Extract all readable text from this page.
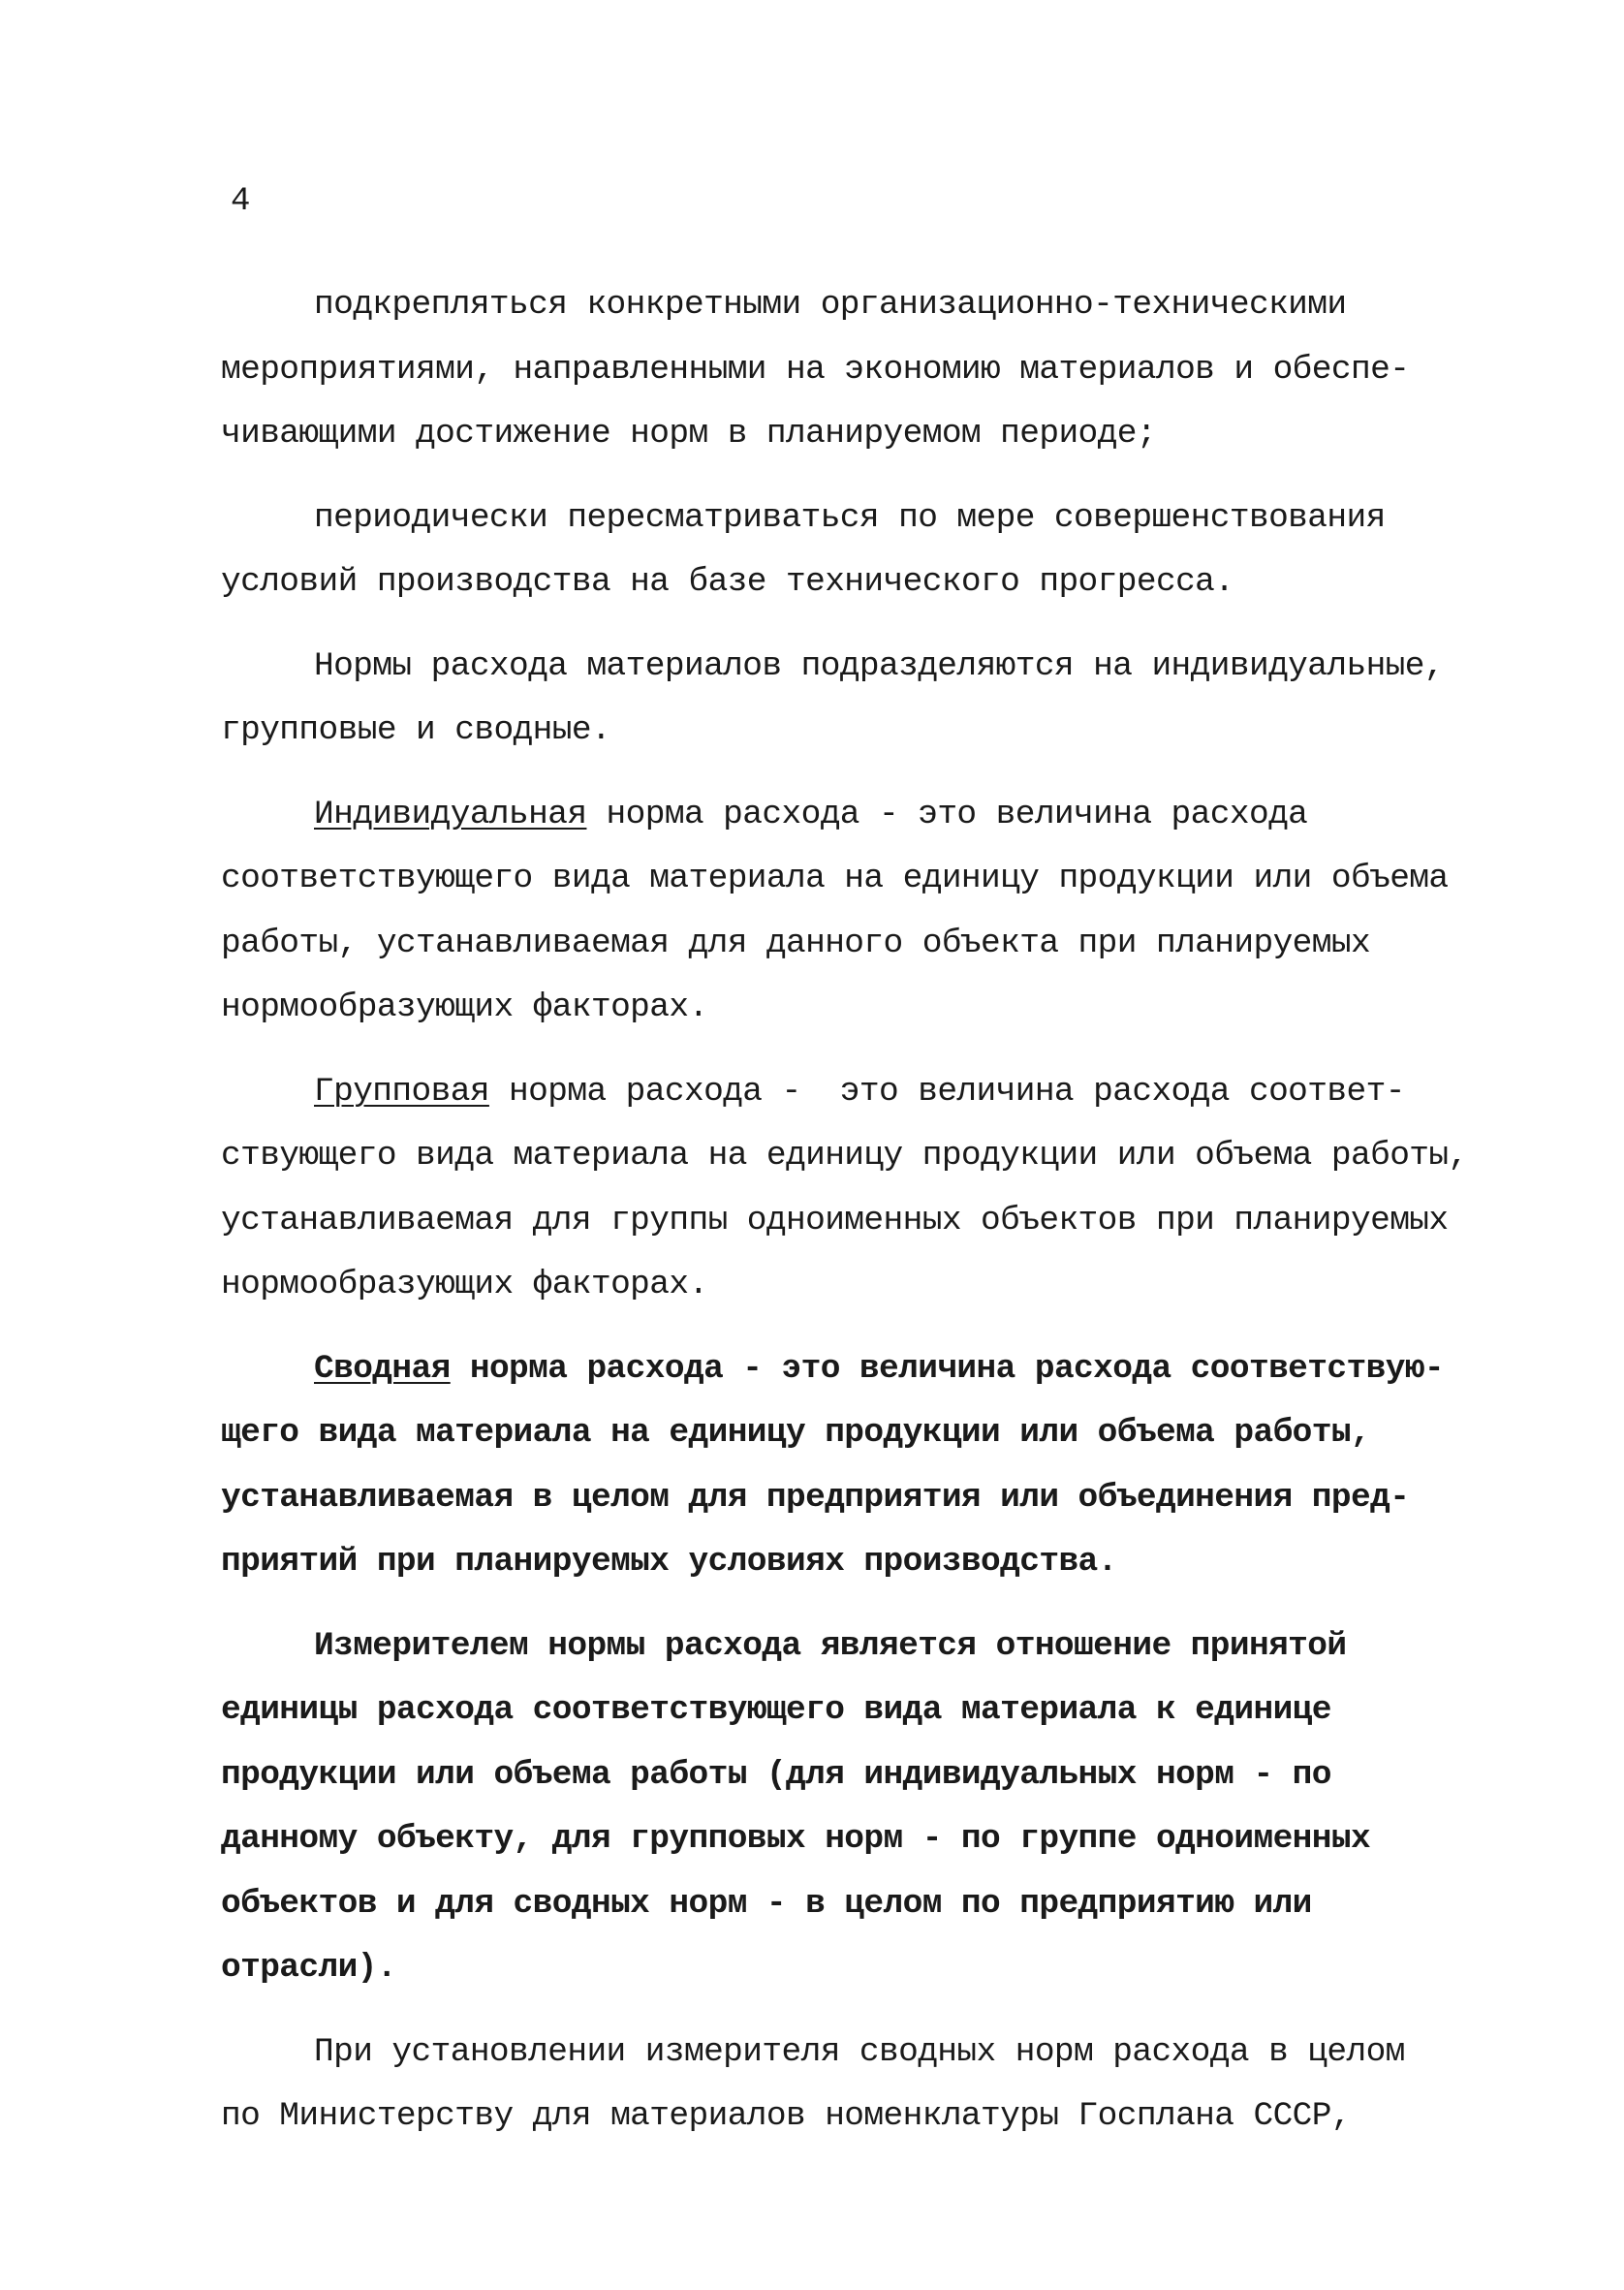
4
подкрепляться конкретными организационно-техническими
мероприятиями, направленными на экономию материалов и обеспе-
чивающими достижение норм в планируемом периоде;
периодически пересматриваться по мере совершенствования
условий производства на базе технического прогресса.
Нормы расхода материалов подразделяются на индивидуальные,
групповые и сводные.
Индивидуальная норма расхода - это величина расхода
соответствующего вида материала на единицу продукции или объема
работы, устанавливаемая для данного объекта при планируемых
нормообразующих факторах.
Групповая норма расхода -  это величина расхода соответ-
ствующего вида материала на единицу продукции или объема работы,
устанавливаемая для группы одноименных объектов при планируемых
нормообразующих факторах.
Сводная норма расхода - это величина расхода соответствую-
щего вида материала на единицу продукции или объема работы,
устанавливаемая в целом для предприятия или объединения пред-
приятий при планируемых условиях производства.
Измерителем нормы расхода является отношение принятой
единицы расхода соответствующего вида материала к единице
продукции или объема работы (для индивидуальных норм - по
данному объекту, для групповых норм - по группе одноименных
объектов и для сводных норм - в целом по предприятию или
отрасли).
При установлении измерителя сводных норм расхода в целом
по Министерству для материалов номенклатуры Госплана СССР,
